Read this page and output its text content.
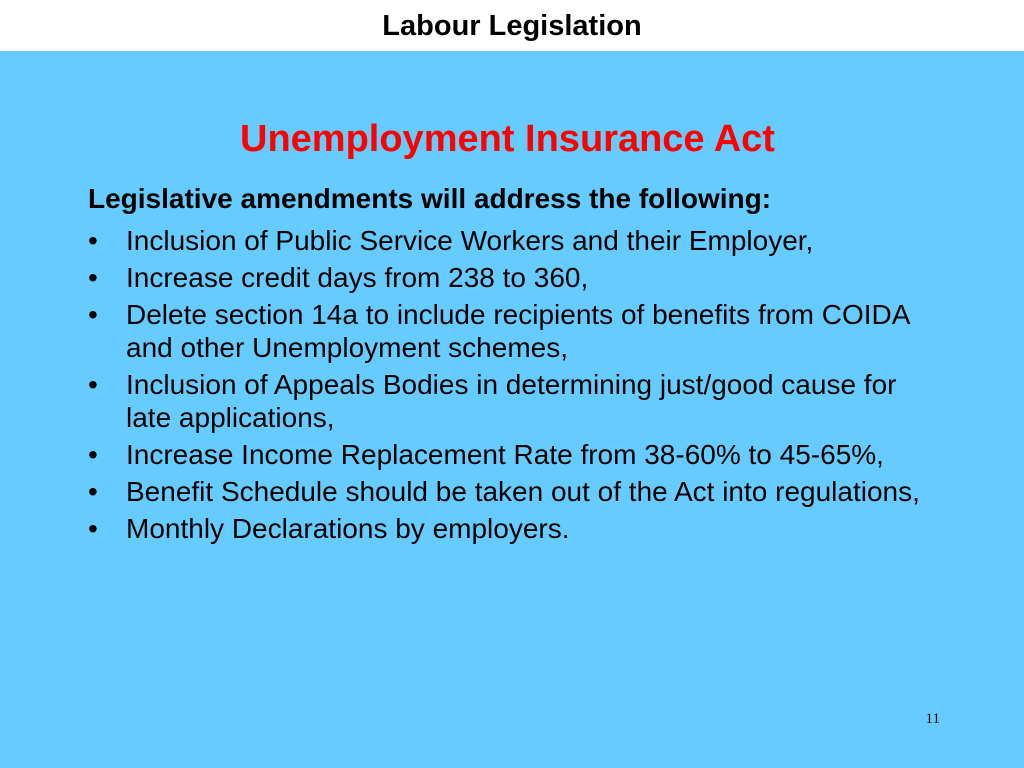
Labour Legislation
Unemployment Insurance Act
Legislative amendments will address the following:
•	Inclusion of Public Service Workers and their Employer,
•	Increase credit days from 238 to 360,
•	Delete section 14a to include recipients of benefits from COIDA and other Unemployment schemes,
•	Inclusion of Appeals Bodies in determining just/good cause for late applications,
•	Increase Income Replacement Rate from 38-60% to 45-65%,
•	Benefit Schedule should be taken out of the Act into regulations,
•	Monthly Declarations by employers.
11
